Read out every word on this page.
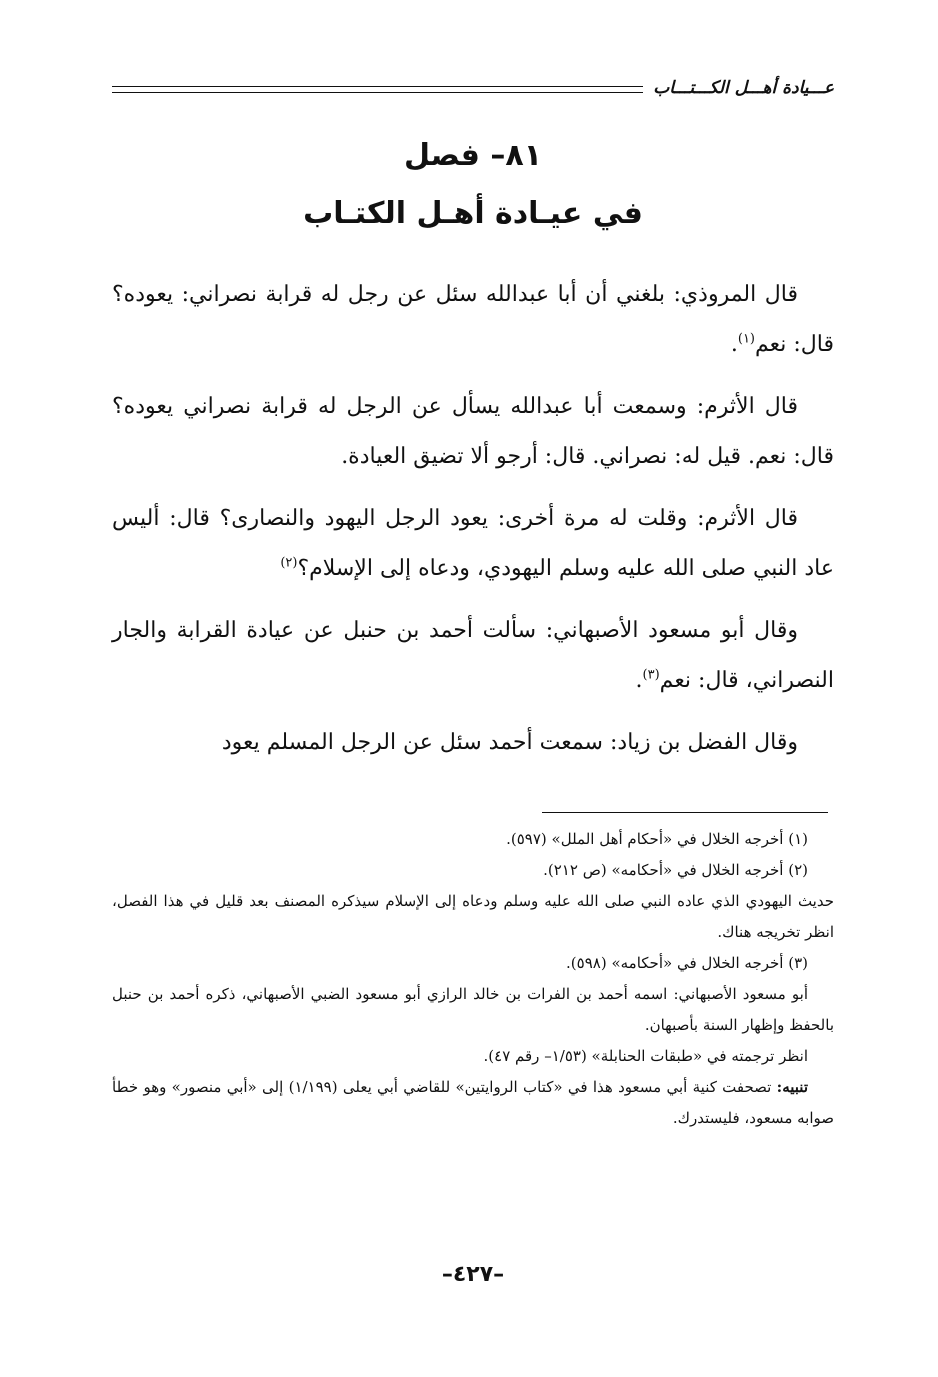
عـــيادة أهـــل الكـــتـــاب
٨١– فصل
في عيـادة أهـل الكتـاب

قال المروذي: بلغني أن أبا عبدالله سئل عن رجل له قرابة نصراني: يعوده؟ قال: نعم$^{(١)}$.

قال الأثرم: وسمعت أبا عبدالله يسأل عن الرجل له قرابة نصراني يعوده؟ قال: نعم. قيل له: نصراني. قال: أرجو ألا تضيق العيادة.

قال الأثرم: وقلت له مرة أخرى: يعود الرجل اليهود والنصارى؟ قال: أليس عاد النبي صلى الله عليه وسلم اليهودي، ودعاه إلى الإسلام؟$^{(٢)}$

وقال أبو مسعود الأصبهاني: سألت أحمد بن حنبل عن عيادة القرابة والجار النصراني، قال: نعم$^{(٣)}$.

وقال الفضل بن زياد: سمعت أحمد سئل عن الرجل المسلم يعود

(١) أخرجه الخلال في «أحكام أهل الملل» (٥٩٧).

(٢) أخرجه الخلال في «أحكامه» (ص ٢١٢).

حديث اليهودي الذي عاده النبي صلى الله عليه وسلم ودعاه إلى الإسلام سيذكره المصنف بعد قليل في هذا الفصل، انظر تخريجه هناك.

(٣) أخرجه الخلال في «أحكامه» (٥٩٨).

أبو مسعود الأصبهاني: اسمه أحمد بن الفرات بن خالد الرازي أبو مسعود الضبي الأصبهاني، ذكره أحمد بن حنبل بالحفظ وإظهار السنة بأصبهان.

انظر ترجمته في «طبقات الحنابلة» (١/٥٣– رقم ٤٧).

تنبيه: تصحفت كنية أبي مسعود هذا في «كتاب الروايتين» للقاضي أبي يعلى (١/١٩٩) إلى «أبي منصور» وهو خطأ صوابه مسعود، فليستدرك.

–٤٢٧–
